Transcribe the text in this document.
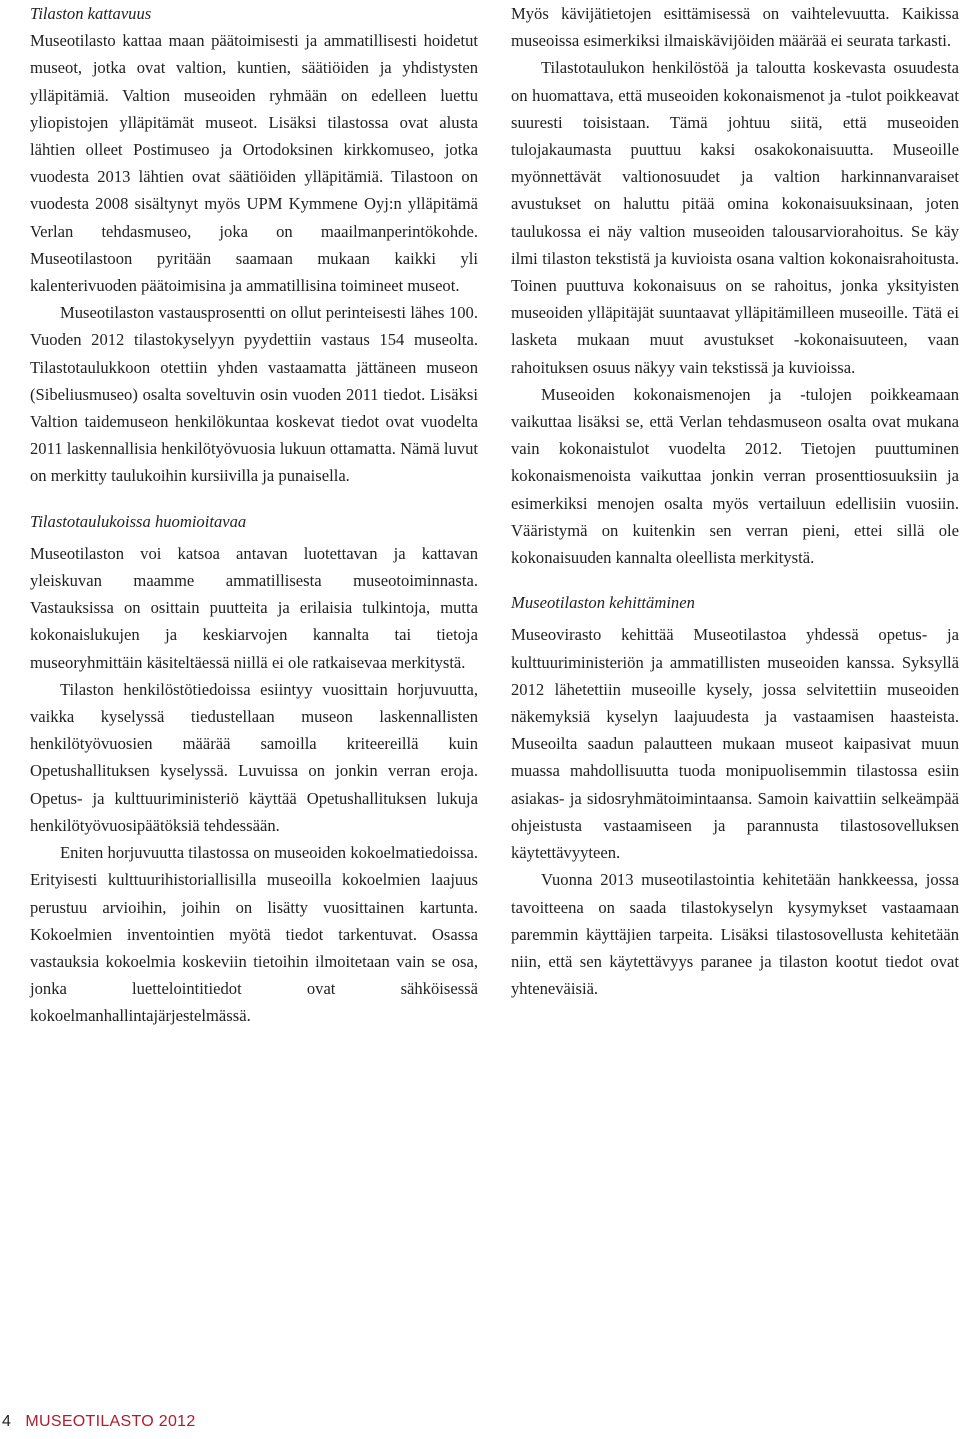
Tilaston kattavuus

Museotilasto kattaa maan päätoimisesti ja ammatillisesti hoidetut museot, jotka ovat valtion, kuntien, säätiöiden ja yhdistysten ylläpitämiä. Valtion museoiden ryhmään on edelleen luettu yliopistojen ylläpitämät museot. Lisäksi tilastossa ovat alusta lähtien olleet Postimuseo ja Ortodoksinen kirkkomuseo, jotka vuodesta 2013 lähtien ovat säätiöiden ylläpitämiä. Tilastoon on vuodesta 2008 sisältynyt myös UPM Kymmene Oyj:n ylläpitämä Verlan tehdasmuseo, joka on maailmanperintökohde. Museotilastoon pyritään saamaan mukaan kaikki yli kalenterivuoden päätoimisina ja ammatillisina toimineet museot.

Museotilaston vastausprosentti on ollut perinteisesti lähes 100. Vuoden 2012 tilastokyselyyn pyydettiin vastaus 154 museolta. Tilastotaulukkoon otettiin yhden vastaamatta jättäneen museon (Sibeliusmuseo) osalta soveltuvin osin vuoden 2011 tiedot. Lisäksi Valtion taidemuseon henkilökuntaa koskevat tiedot ovat vuodelta 2011 laskennallisia henkilötyövuosia lukuun ottamatta. Nämä luvut on merkitty taulukoihin kursiivilla ja punaisella.

Tilastotaulukoissa huomioitavaa

Museotilaston voi katsoa antavan luotettavan ja kattavan yleiskuvan maamme ammatillisesta museotoiminnasta. Vastauksissa on osittain puutteita ja erilaisia tulkintoja, mutta kokonaislukujen ja keskiarvojen kannalta tai tietoja museoryhmittäin käsiteltäessä niillä ei ole ratkaisevaa merkitystä.

Tilaston henkilöstötiedoissa esiintyy vuosittain horjuvuutta, vaikka kyselyssä tiedustellaan museon laskennallisten henkilötyövuosien määrää samoilla kriteereillä kuin Opetushallituksen kyselyssä. Luvuissa on jonkin verran eroja. Opetus- ja kulttuuriministeriö käyttää Opetushallituksen lukuja henkilötyövuosipäätöksiä tehdessään.

Eniten horjuvuutta tilastossa on museoiden kokoelmatiedoissa. Erityisesti kulttuurihistoriallisilla museoilla kokoelmien laajuus perustuu arvioihin, joihin on lisätty vuosittainen kartunta. Kokoelmien inventointien myötä tiedot tarkentuvat. Osassa vastauksia kokoelmia koskeviin tietoihin ilmoitetaan vain se osa, jonka luettelointitiedot ovat sähköisessä kokoelmanhallintajärjestelmässä.

Myös kävijätietojen esittämisessä on vaihtelevuutta. Kaikissa museoissa esimerkiksi ilmaiskävijöiden määrää ei seurata tarkasti.

Tilastotaulukon henkilöstöä ja taloutta koskevasta osuudesta on huomattava, että museoiden kokonaismenot ja -tulot poikkeavat suuresti toisistaan. Tämä johtuu siitä, että museoiden tulojakaumasta puuttuu kaksi osakokonaisuutta. Museoille myönnettävät valtionosuudet ja valtion harkinnanvaraiset avustukset on haluttu pitää omina kokonaisuuksinaan, joten taulukossa ei näy valtion museoiden talousarviorahoitus. Se käy ilmi tilaston tekstistä ja kuvioista osana valtion kokonaisrahoitusta. Toinen puuttuva kokonaisuus on se rahoitus, jonka yksityisten museoiden ylläpitäjät suuntaavat ylläpitämilleen museoille. Tätä ei lasketa mukaan muut avustukset -kokonaisuuteen, vaan rahoituksen osuus näkyy vain tekstissä ja kuvioissa.

Museoiden kokonaismenojen ja -tulojen poikkeamaan vaikuttaa lisäksi se, että Verlan tehdasmuseon osalta ovat mukana vain kokonaistulot vuodelta 2012. Tietojen puuttuminen kokonaismenoista vaikuttaa jonkin verran prosenttiosuuksiin ja esimerkiksi menojen osalta myös vertailuun edellisiin vuosiin. Vääristymä on kuitenkin sen verran pieni, ettei sillä ole kokonaisuuden kannalta oleellista merkitystä.

Museotilaston kehittäminen

Museovirasto kehittää Museotilastoa yhdessä opetus- ja kulttuuriministeriön ja ammatillisten museoiden kanssa. Syksyllä 2012 lähetettiin museoille kysely, jossa selvitettiin museoiden näkemyksiä kyselyn laajuudesta ja vastaamisen haasteista. Museoilta saadun palautteen mukaan museot kaipasivat muun muassa mahdollisuutta tuoda monipuolisemmin tilastossa esiin asiakas- ja sidosryhmätoimintaansa. Samoin kaivattiin selkeämpää ohjeistusta vastaamiseen ja parannusta tilastosovelluksen käytettävyyteen.

Vuonna 2013 museotilastointia kehitetään hankkeessa, jossa tavoitteena on saada tilastokyselyn kysymykset vastaamaan paremmin käyttäjien tarpeita. Lisäksi tilastosovellusta kehitetään niin, että sen käytettävyys paranee ja tilaston kootut tiedot ovat yhteneväisiä.

4 MUSEOTILASTO 2012
